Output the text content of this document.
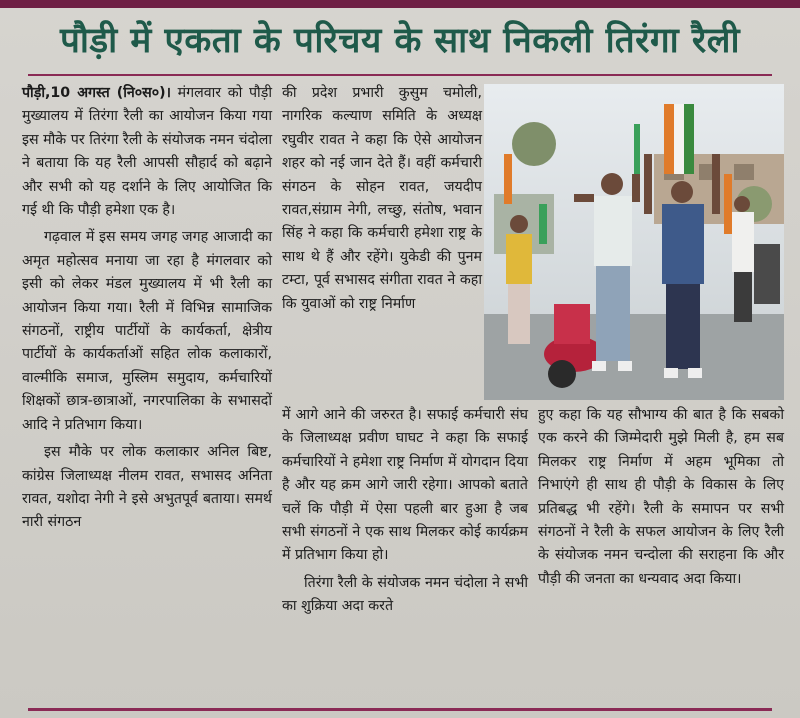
पौड़ी में एकता के परिचय के साथ निकली तिरंगा रैली

पौड़ी,10 अगस्त (नि०स०)। मंगलवार को पौड़ी मुख्यालय में तिरंगा रैली का आयोजन किया गया इस मौके पर तिरंगा रैली के संयोजक नमन चंदोला ने बताया कि यह रैली आपसी सौहार्द को बढ़ाने और सभी को यह दर्शाने के लिए आयोजित कि गई थी कि पौड़ी हमेशा एक है।

गढ़वाल में इस समय जगह जगह आजादी का अमृत महोत्सव मनाया जा रहा है मंगलवार को इसी को लेकर मंडल मुख्यालय में भी रैली का आयोजन किया गया। रैली में विभिन्न सामाजिक संगठनों, राष्ट्रीय पार्टीयों के कार्यकर्ता, क्षेत्रीय पार्टीयों के कार्यकर्ताओं सहित लोक कलाकारों, वाल्मीकि समाज, मुस्लिम समुदाय, कर्मचारियों शिक्षकों छात्र-छात्राओं, नगरपालिका के सभासदों आदि ने प्रतिभाग किया।

इस मौके पर लोक कलाकार अनिल बिष्ट, कांग्रेस जिलाध्यक्ष नीलम रावत, सभासद अनिता रावत, यशोदा नेगी ने इसे अभुतपूर्व बताया। समर्थ नारी संगठन

की प्रदेश प्रभारी कुसुम चमोली, नागरिक कल्याण समिति के अध्यक्ष रघुवीर रावत ने कहा कि ऐसे आयोजन शहर को नई जान देते हैं। वहीं कर्मचारी संगठन के सोहन रावत, जयदीप रावत,संग्राम नेगी, लच्छु, संतोष, भवान सिंह ने कहा कि कर्मचारी हमेशा राष्ट्र के साथ थे हैं और रहेंगे। युकेडी की पुनम टम्टा, पूर्व सभासद संगीता रावत ने कहा कि युवाओं को राष्ट्र निर्माण

में आगे आने की जरुरत है। सफाई कर्मचारी संघ के जिलाध्यक्ष प्रवीण घाघट ने कहा कि सफाई कर्मचारियों ने हमेशा राष्ट्र निर्माण में योगदान दिया है और यह क्रम आगे जारी रहेगा। आपको बताते चलें कि पौड़ी में ऐसा पहली बार हुआ है जब सभी संगठनों ने एक साथ मिलकर कोई कार्यक्रम में प्रतिभाग किया हो।

तिरंगा रैली के संयोजक नमन चंदोला ने सभी का शुक्रिया अदा करते

हुए कहा कि यह सौभाग्य की बात है कि सबको एक करने की जिम्मेदारी मुझे मिली है, हम सब मिलकर राष्ट्र निर्माण में अहम भूमिका तो निभाएंगे ही साथ ही पौड़ी के विकास के लिए प्रतिबद्ध भी रहेंगे। रैली के समापन पर सभी संगठनों ने रैली के सफल आयोजन के लिए रैली के संयोजक नमन चन्दोला की सराहना कि और पौड़ी की जनता का धन्यवाद अदा किया।
